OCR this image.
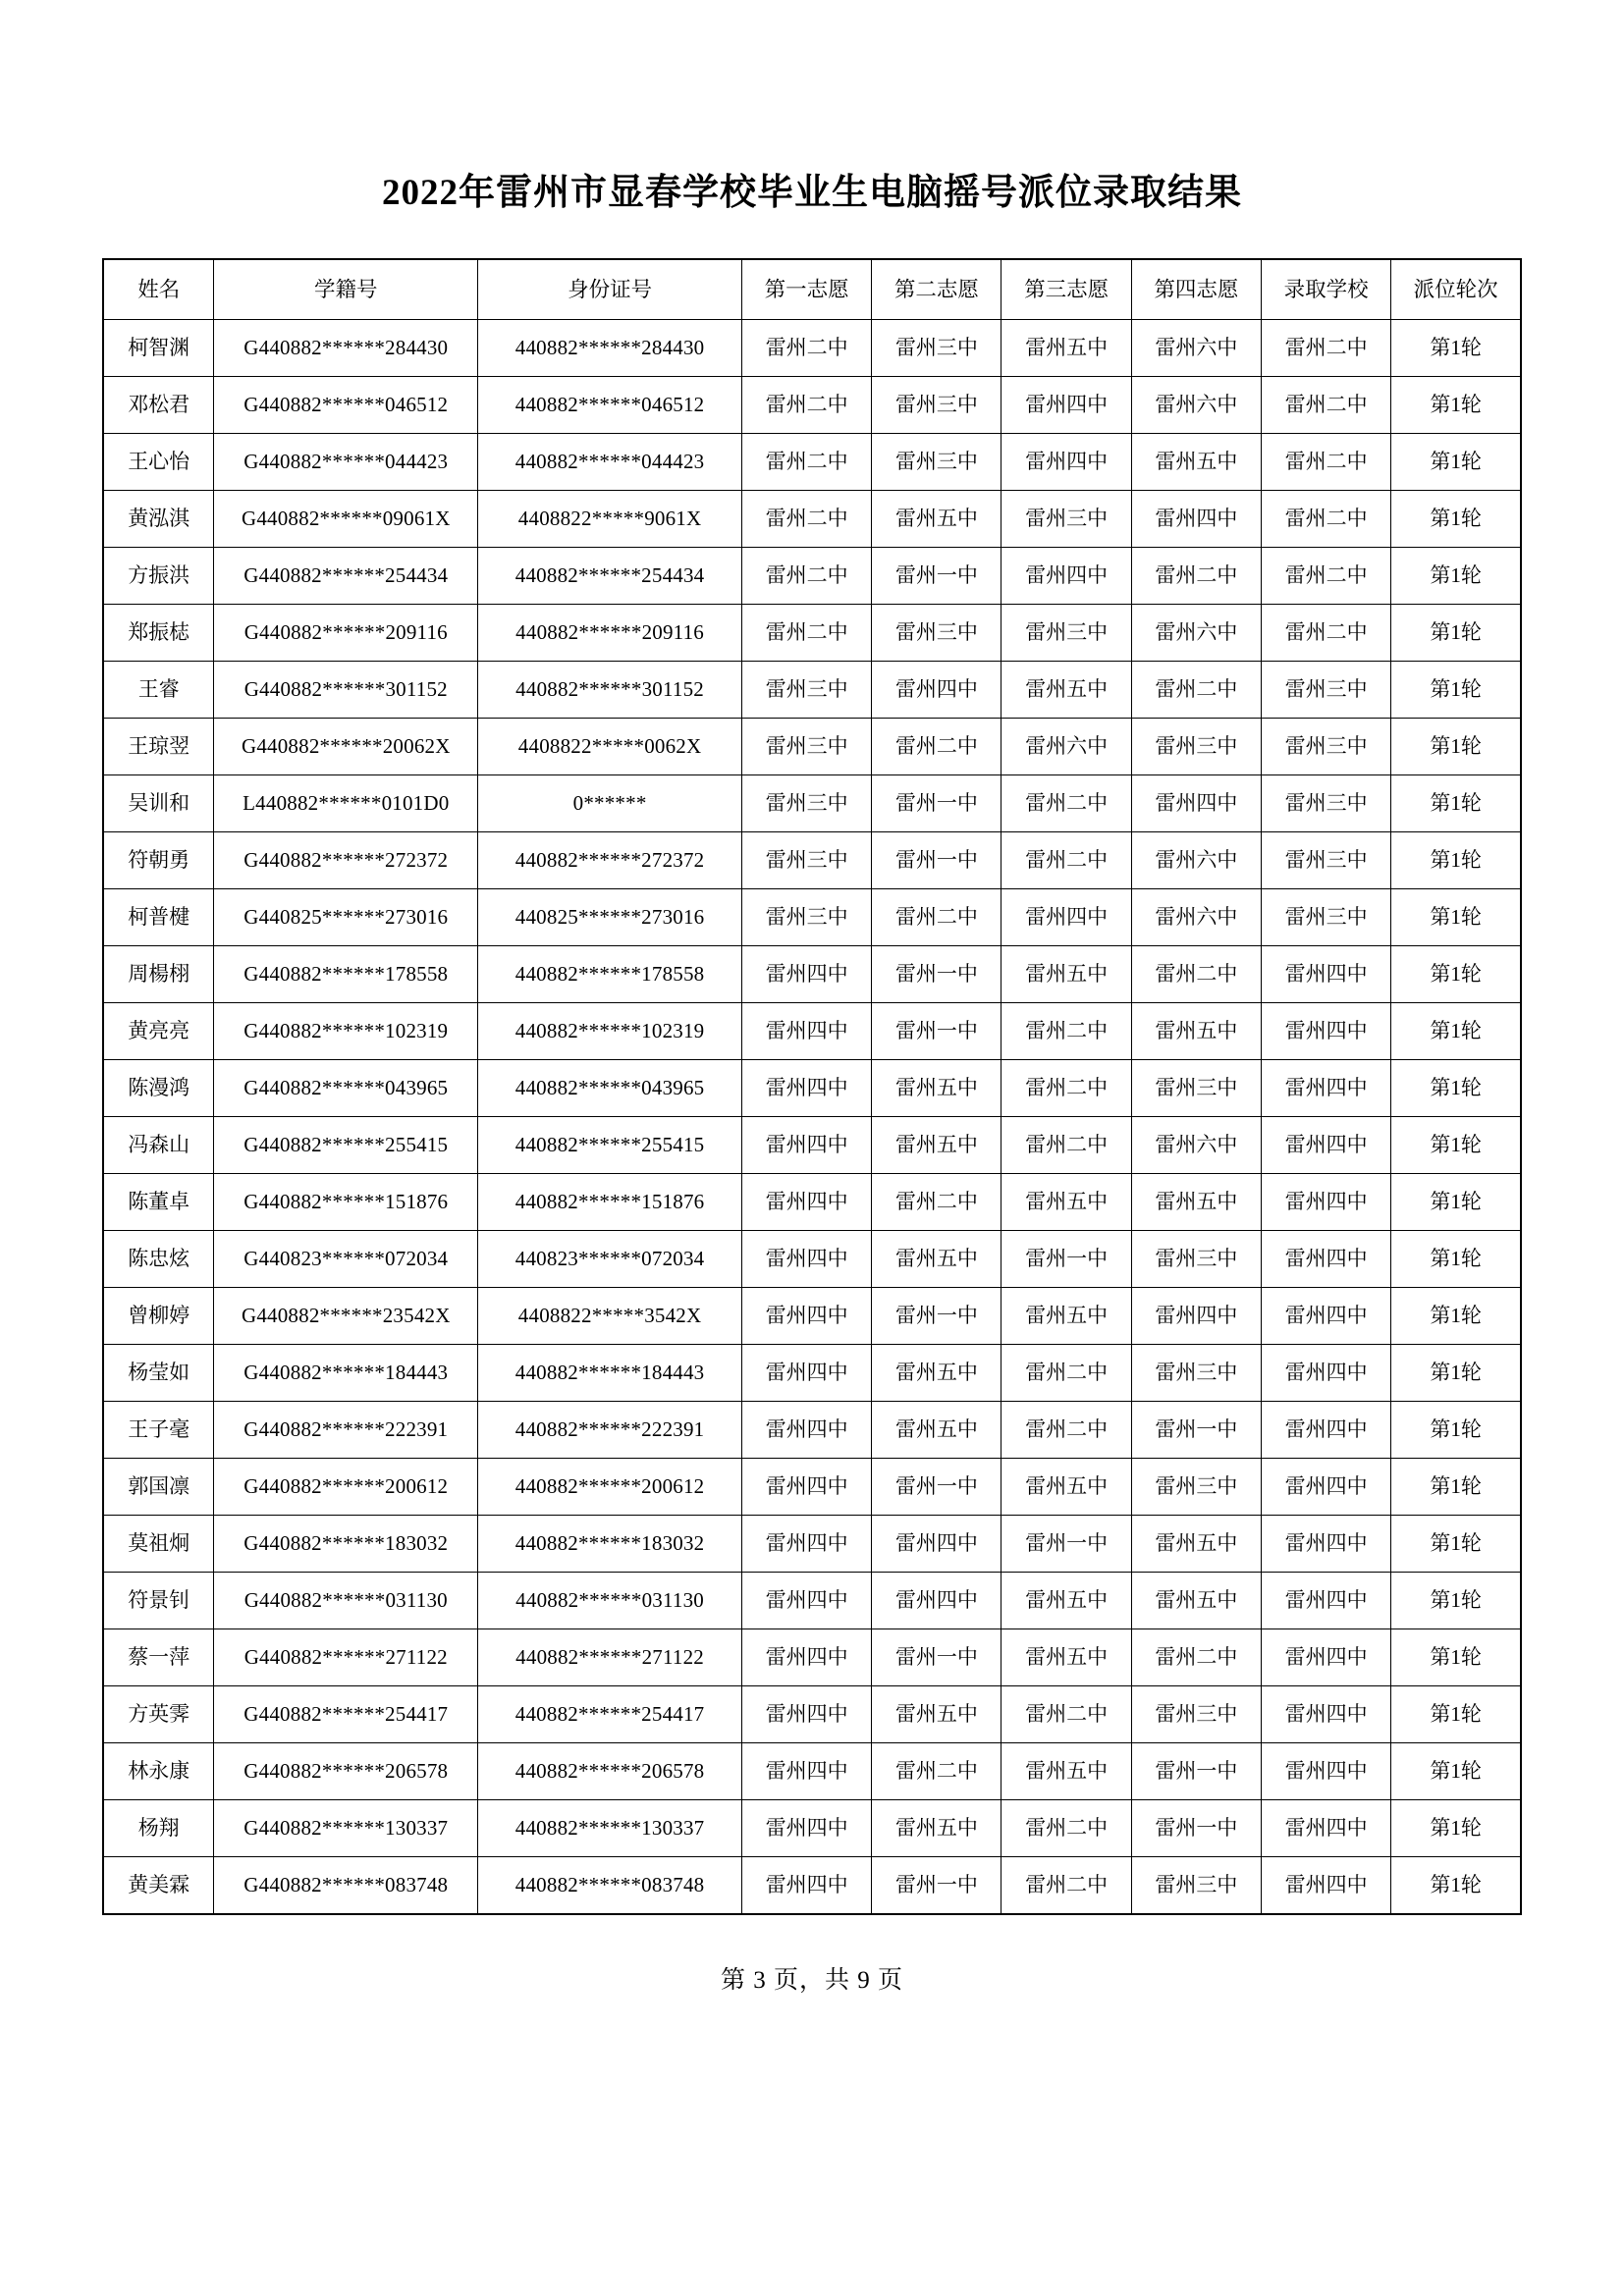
2022年雷州市显春学校毕业生电脑摇号派位录取结果
姓名	学籍号	身份证号	第一志愿	第二志愿	第三志愿	第四志愿	录取学校	派位轮次
柯智渊	G440882******284430	440882******284430	雷州二中	雷州三中	雷州五中	雷州六中	雷州二中	第1轮
邓松君	G440882******046512	440882******046512	雷州二中	雷州三中	雷州四中	雷州六中	雷州二中	第1轮
王心怡	G440882******044423	440882******044423	雷州二中	雷州三中	雷州四中	雷州五中	雷州二中	第1轮
黄泓淇	G440882******09061X	4408822*****9061X	雷州二中	雷州五中	雷州三中	雷州四中	雷州二中	第1轮
方振洪	G440882******254434	440882******254434	雷州二中	雷州一中	雷州四中	雷州二中	雷州二中	第1轮
郑振梽	G440882******209116	440882******209116	雷州二中	雷州三中	雷州三中	雷州六中	雷州二中	第1轮
王睿	G440882******301152	440882******301152	雷州三中	雷州四中	雷州五中	雷州二中	雷州三中	第1轮
王琼翌	G440882******20062X	4408822*****0062X	雷州三中	雷州二中	雷州六中	雷州三中	雷州三中	第1轮
吴训和	L440882******0101D0	0******	雷州三中	雷州一中	雷州二中	雷州四中	雷州三中	第1轮
符朝勇	G440882******272372	440882******272372	雷州三中	雷州一中	雷州二中	雷州六中	雷州三中	第1轮
柯普楗	G440825******273016	440825******273016	雷州三中	雷州二中	雷州四中	雷州六中	雷州三中	第1轮
周楊栩	G440882******178558	440882******178558	雷州四中	雷州一中	雷州五中	雷州二中	雷州四中	第1轮
黄亮亮	G440882******102319	440882******102319	雷州四中	雷州一中	雷州二中	雷州五中	雷州四中	第1轮
陈漫鸿	G440882******043965	440882******043965	雷州四中	雷州五中	雷州二中	雷州三中	雷州四中	第1轮
冯森山	G440882******255415	440882******255415	雷州四中	雷州五中	雷州二中	雷州六中	雷州四中	第1轮
陈董卓	G440882******151876	440882******151876	雷州四中	雷州二中	雷州五中	雷州五中	雷州四中	第1轮
陈忠炫	G440823******072034	440823******072034	雷州四中	雷州五中	雷州一中	雷州三中	雷州四中	第1轮
曾柳婷	G440882******23542X	4408822*****3542X	雷州四中	雷州一中	雷州五中	雷州四中	雷州四中	第1轮
杨莹如	G440882******184443	440882******184443	雷州四中	雷州五中	雷州二中	雷州三中	雷州四中	第1轮
王子毫	G440882******222391	440882******222391	雷州四中	雷州五中	雷州二中	雷州一中	雷州四中	第1轮
郭国凛	G440882******200612	440882******200612	雷州四中	雷州一中	雷州五中	雷州三中	雷州四中	第1轮
莫祖炯	G440882******183032	440882******183032	雷州四中	雷州四中	雷州一中	雷州五中	雷州四中	第1轮
符景钊	G440882******031130	440882******031130	雷州四中	雷州四中	雷州五中	雷州五中	雷州四中	第1轮
蔡一萍	G440882******271122	440882******271122	雷州四中	雷州一中	雷州五中	雷州二中	雷州四中	第1轮
方英霁	G440882******254417	440882******254417	雷州四中	雷州五中	雷州二中	雷州三中	雷州四中	第1轮
林永康	G440882******206578	440882******206578	雷州四中	雷州二中	雷州五中	雷州一中	雷州四中	第1轮
杨翔	G440882******130337	440882******130337	雷州四中	雷州五中	雷州二中	雷州一中	雷州四中	第1轮
黄美霖	G440882******083748	440882******083748	雷州四中	雷州一中	雷州二中	雷州三中	雷州四中	第1轮
第 3 页，共 9 页
